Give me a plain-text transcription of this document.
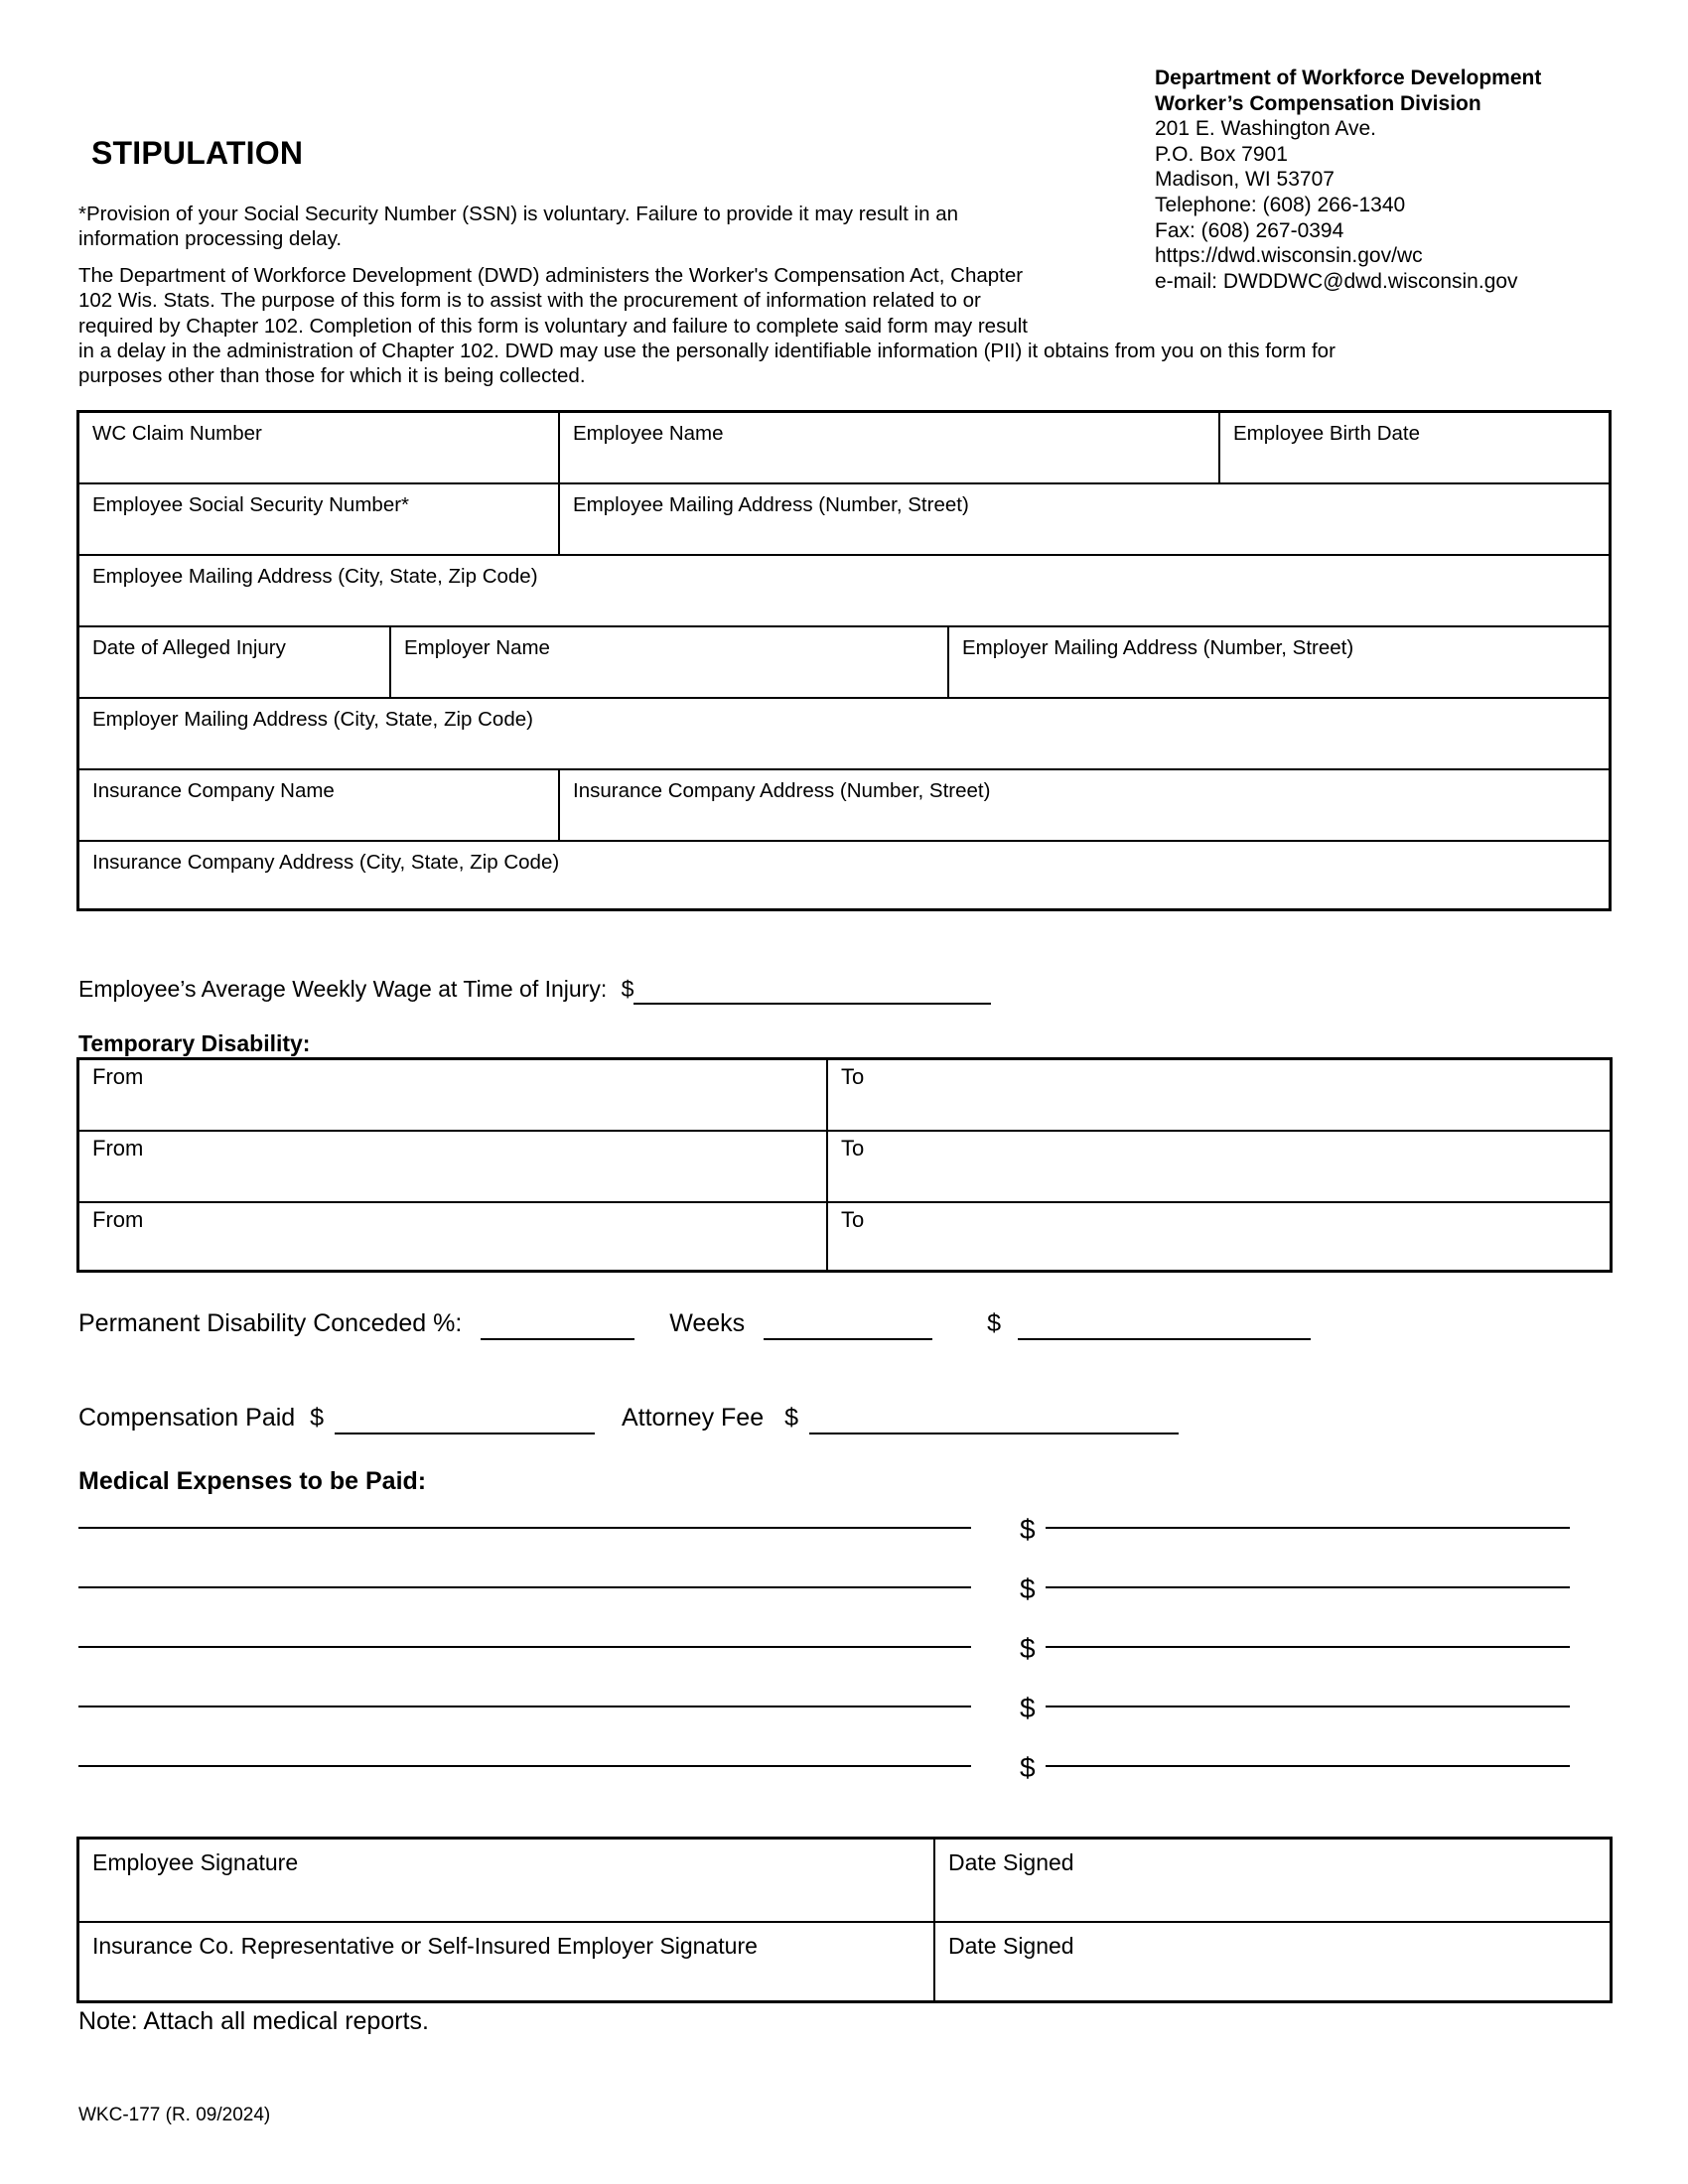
Department of Workforce Development
Worker’s Compensation Division
201 E. Washington Ave.
P.O. Box 7901
Madison, WI 53707
Telephone: (608) 266-1340
Fax: (608) 267-0394
https://dwd.wisconsin.gov/wc
e-mail: DWDDWC@dwd.wisconsin.gov
STIPULATION
*Provision of your Social Security Number (SSN) is voluntary. Failure to provide it may result in an
information processing delay.
The Department of Workforce Development (DWD) administers the Worker's Compensation Act, Chapter
102 Wis. Stats. The purpose of this form is to assist with the procurement of information related to or
required by Chapter 102. Completion of this form is voluntary and failure to complete said form may result
in a delay in the administration of Chapter 102. DWD may use the personally identifiable information (PII) it obtains from you on this form for
purposes other than those for which it is being collected.
WC Claim Number	Employee Name	Employee Birth Date
Employee Social Security Number*	Employee Mailing Address (Number, Street)
Employee Mailing Address (City, State, Zip Code)
Date of Alleged Injury	Employer Name	Employer Mailing Address (Number, Street)
Employer Mailing Address (City, State, Zip Code)
Insurance Company Name	Insurance Company Address (Number, Street)
Insurance Company Address (City, State, Zip Code)
Employee’s Average Weekly Wage at Time of Injury: $
Temporary Disability:
From	To
From	To
From	To
Permanent Disability Conceded %:	Weeks	$
Compensation Paid $	Attorney Fee $
Medical Expenses to be Paid:
$
$
$
$
$
Employee Signature	Date Signed
Insurance Co. Representative or Self-Insured Employer Signature	Date Signed
Note: Attach all medical reports.
WKC-177 (R. 09/2024)
